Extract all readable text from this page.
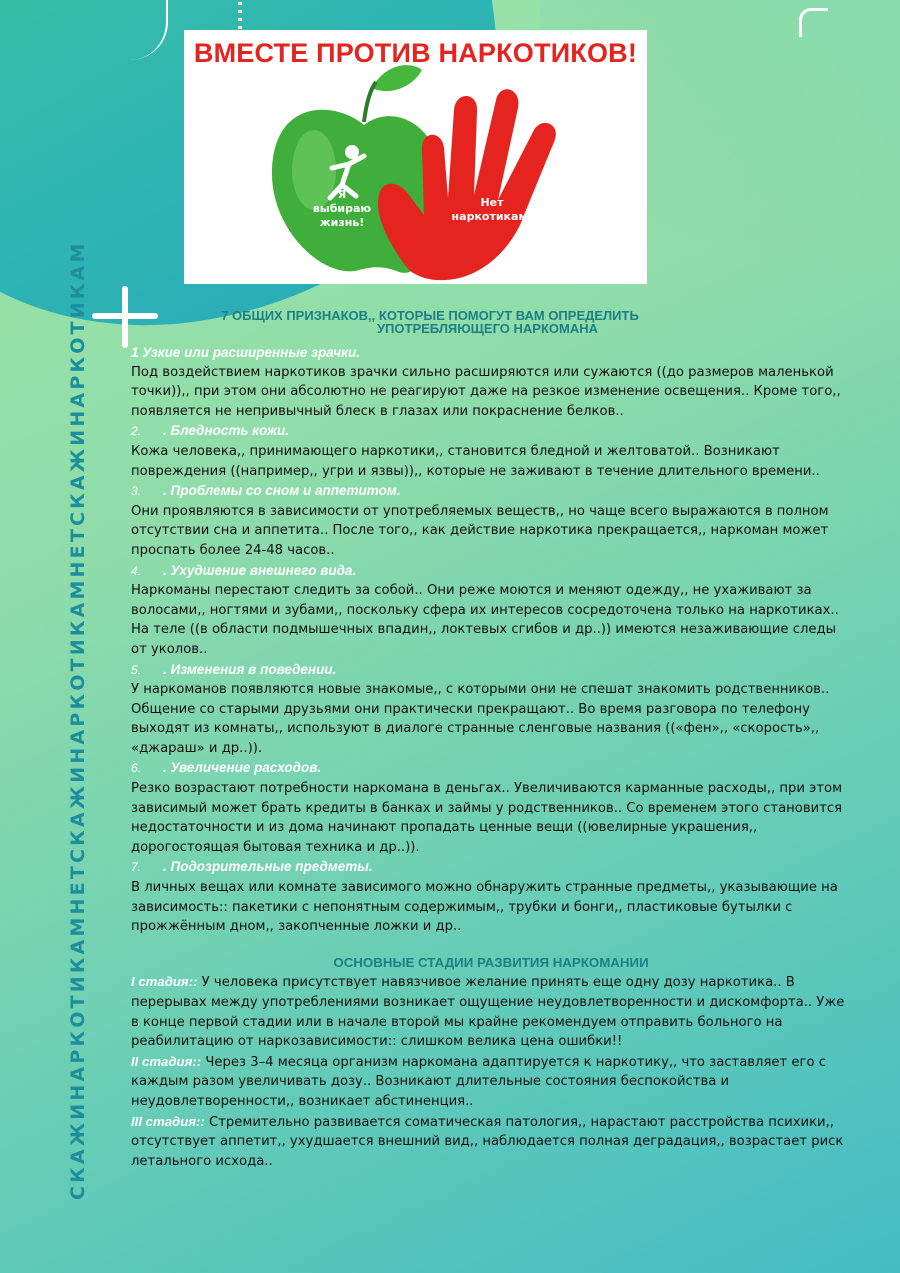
СКАЖИНАРКОТИКАМНЕТСКАЖИНАРКОТИКАМНЕТСКАЖИНАРКОТИКАМ
ВМЕСТЕ ПРОТИВ НАРКОТИКОВ!
Я
выбираю
жизнь!
Нет
наркотикам!
7 ОБЩИХ ПРИЗНАКОВ,, КОТОРЫЕ ПОМОГУТ ВАМ ОПРЕДЕЛИТЬ
УПОТРЕБЛЯЮЩЕГО НАРКОМАНА
1 Узкие или расширенные зрачки.

Под воздействием наркотиков зрачки сильно расширяются или сужаются ((до размеров маленькой точки)),, при этом они абсолютно не реагируют даже на резкое изменение освещения.. Кроме того,, появляется не непривычный блеск в глазах или покраснение белков..

2. . Бледность кожи.

Кожа человека,, принимающего наркотики,, становится бледной и желтоватой.. Возникают повреждения ((например,, угри и язвы)),, которые не заживают в течение длительного времени..

3. . Проблемы со сном и аппетитом.

Они проявляются в зависимости от употребляемых веществ,, но чаще всего выражаются в полном отсутствии сна и аппетита.. После того,, как действие наркотика прекращается,, наркоман может проспать более 24-48 часов..

4. . Ухудшение внешнего вида.

Наркоманы перестают следить за собой.. Они реже моются и меняют одежду,, не ухаживают за волосами,, ногтями и зубами,, поскольку сфера их интересов сосредоточена только на наркотиках.. На теле ((в области подмышечных впадин,, локтевых сгибов и др..)) имеются незаживающие следы от уколов..

5. . Изменения в поведении.

У наркоманов появляются новые знакомые,, с которыми они не спешат знакомить родственников.. Общение со старыми друзьями они практически прекращают.. Во время разговора по телефону выходят из комнаты,, используют в диалоге странные сленговые названия ((«фен»,, «скорость»,, «джараш» и др..)).

6. . Увеличение расходов.

Резко возрастают потребности наркомана в деньгах.. Увеличиваются карманные расходы,, при этом зависимый может брать кредиты в банках и займы у родственников.. Со временем этого становится недостаточности и из дома начинают пропадать ценные вещи ((ювелирные украшения,, дорогостоящая бытовая техника и др..)).

7. . Подозрительные предметы.

В личных вещах или комнате зависимого можно обнаружить странные предметы,, указывающие на зависимость:: пакетики с непонятным содержимым,, трубки и бонги,, пластиковые бутылки с прожжённым дном,, закопченные ложки и др..

ОСНОВНЫЕ СТАДИИ РАЗВИТИЯ НАРКОМАНИИ

I стадия:: У человека присутствует навязчивое желание принять еще одну дозу наркотика.. В перерывах между употреблениями возникает ощущение неудовлетворенности и дискомфорта.. Уже в конце первой стадии или в начале второй мы крайне рекомендуем отправить больного на реабилитацию от наркозависимости:: слишком велика цена ошибки!!

II стадия:: Через 3–4 месяца организм наркомана адаптируется к наркотику,, что заставляет его с каждым разом увеличивать дозу.. Возникают длительные состояния беспокойства и неудовлетворенности,, возникает абстиненция..

III стадия:: Стремительно развивается соматическая патология,, нарастают расстройства психики,, отсутствует аппетит,, ухудшается внешний вид,, наблюдается полная деградация,, возрастает риск летального исхода..
